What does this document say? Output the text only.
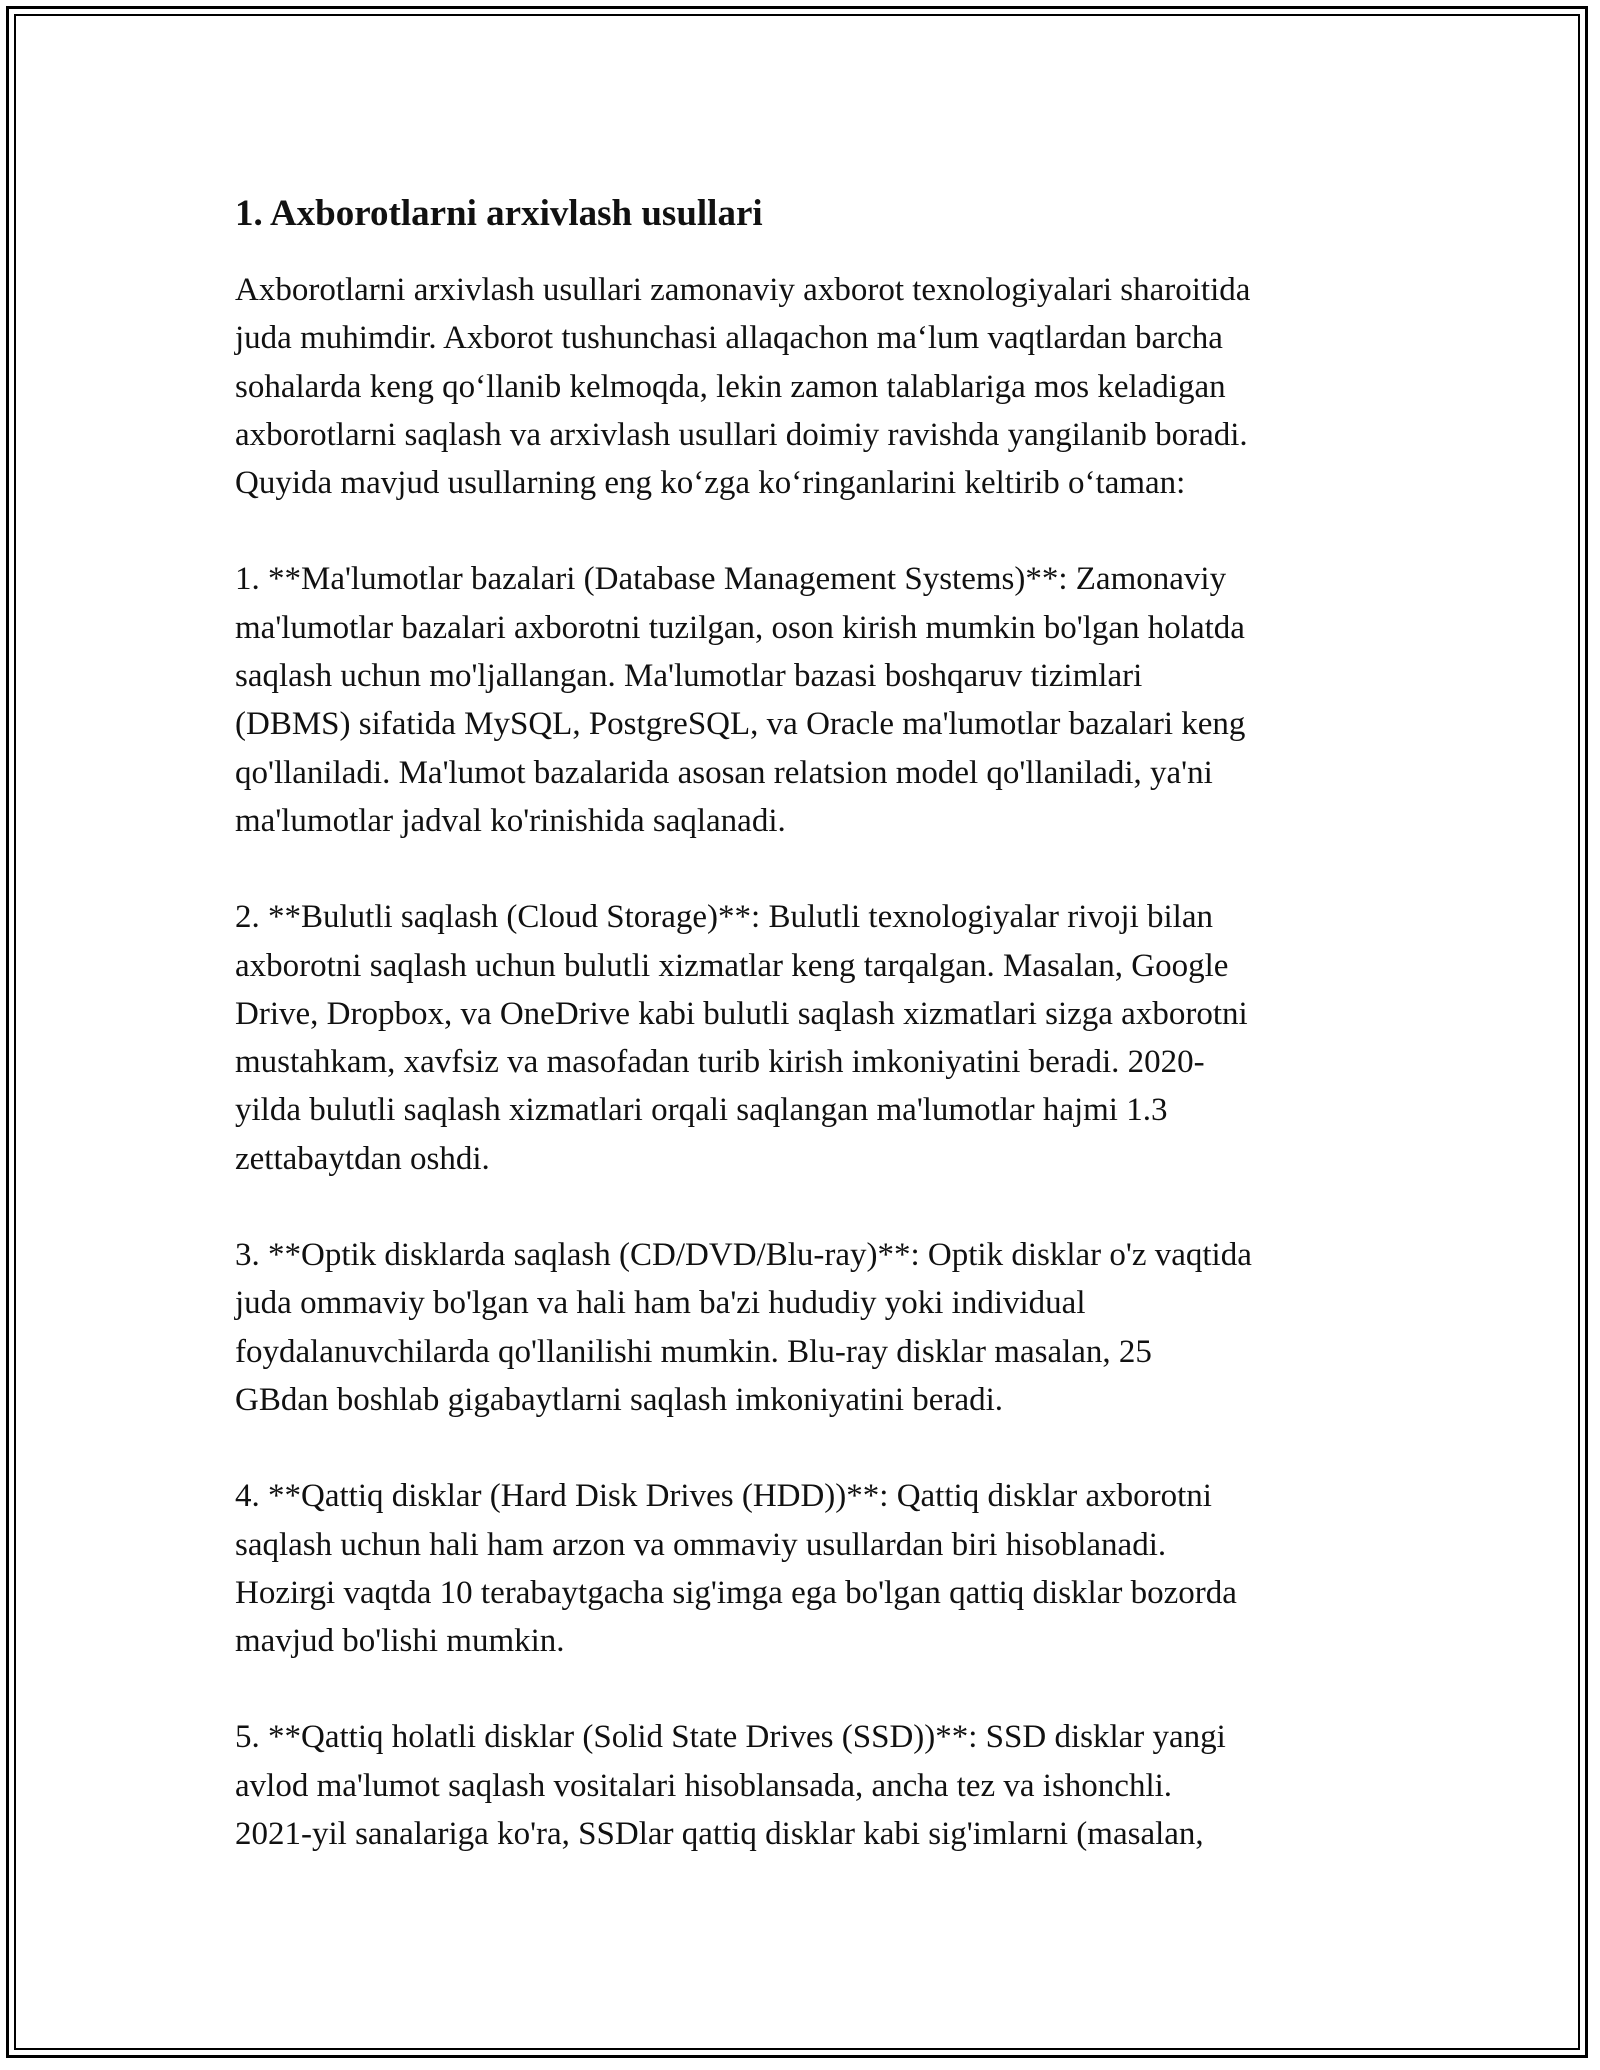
1. Axborotlarni arxivlash usullari
Axborotlarni arxivlash usullari zamonaviy axborot texnologiyalari sharoitida
juda muhimdir. Axborot tushunchasi allaqachon maʻlum vaqtlardan barcha
sohalarda keng qoʻllanib kelmoqda, lekin zamon talablariga mos keladigan
axborotlarni saqlash va arxivlash usullari doimiy ravishda yangilanib boradi.
Quyida mavjud usullarning eng koʻzga koʻringanlarini keltirib oʻtaman:
1. **Ma'lumotlar bazalari (Database Management Systems)**: Zamonaviy
ma'lumotlar bazalari axborotni tuzilgan, oson kirish mumkin bo'lgan holatda
saqlash uchun mo'ljallangan. Ma'lumotlar bazasi boshqaruv tizimlari
(DBMS) sifatida MySQL, PostgreSQL, va Oracle ma'lumotlar bazalari keng
qo'llaniladi. Ma'lumot bazalarida asosan relatsion model qo'llaniladi, ya'ni
ma'lumotlar jadval ko'rinishida saqlanadi.
2. **Bulutli saqlash (Cloud Storage)**: Bulutli texnologiyalar rivoji bilan
axborotni saqlash uchun bulutli xizmatlar keng tarqalgan. Masalan, Google
Drive, Dropbox, va OneDrive kabi bulutli saqlash xizmatlari sizga axborotni
mustahkam, xavfsiz va masofadan turib kirish imkoniyatini beradi. 2020-
yilda bulutli saqlash xizmatlari orqali saqlangan ma'lumotlar hajmi 1.3
zettabaytdan oshdi.
3. **Optik disklarda saqlash (CD/DVD/Blu-ray)**: Optik disklar o'z vaqtida
juda ommaviy bo'lgan va hali ham ba'zi hududiy yoki individual
foydalanuvchilarda qo'llanilishi mumkin. Blu-ray disklar masalan, 25
GBdan boshlab gigabaytlarni saqlash imkoniyatini beradi.
4. **Qattiq disklar (Hard Disk Drives (HDD))**: Qattiq disklar axborotni
saqlash uchun hali ham arzon va ommaviy usullardan biri hisoblanadi.
Hozirgi vaqtda 10 terabaytgacha sig'imga ega bo'lgan qattiq disklar bozorda
mavjud bo'lishi mumkin.
5. **Qattiq holatli disklar (Solid State Drives (SSD))**: SSD disklar yangi
avlod ma'lumot saqlash vositalari hisoblansada, ancha tez va ishonchli.
2021-yil sanalariga ko'ra, SSDlar qattiq disklar kabi sig'imlarni (masalan,
